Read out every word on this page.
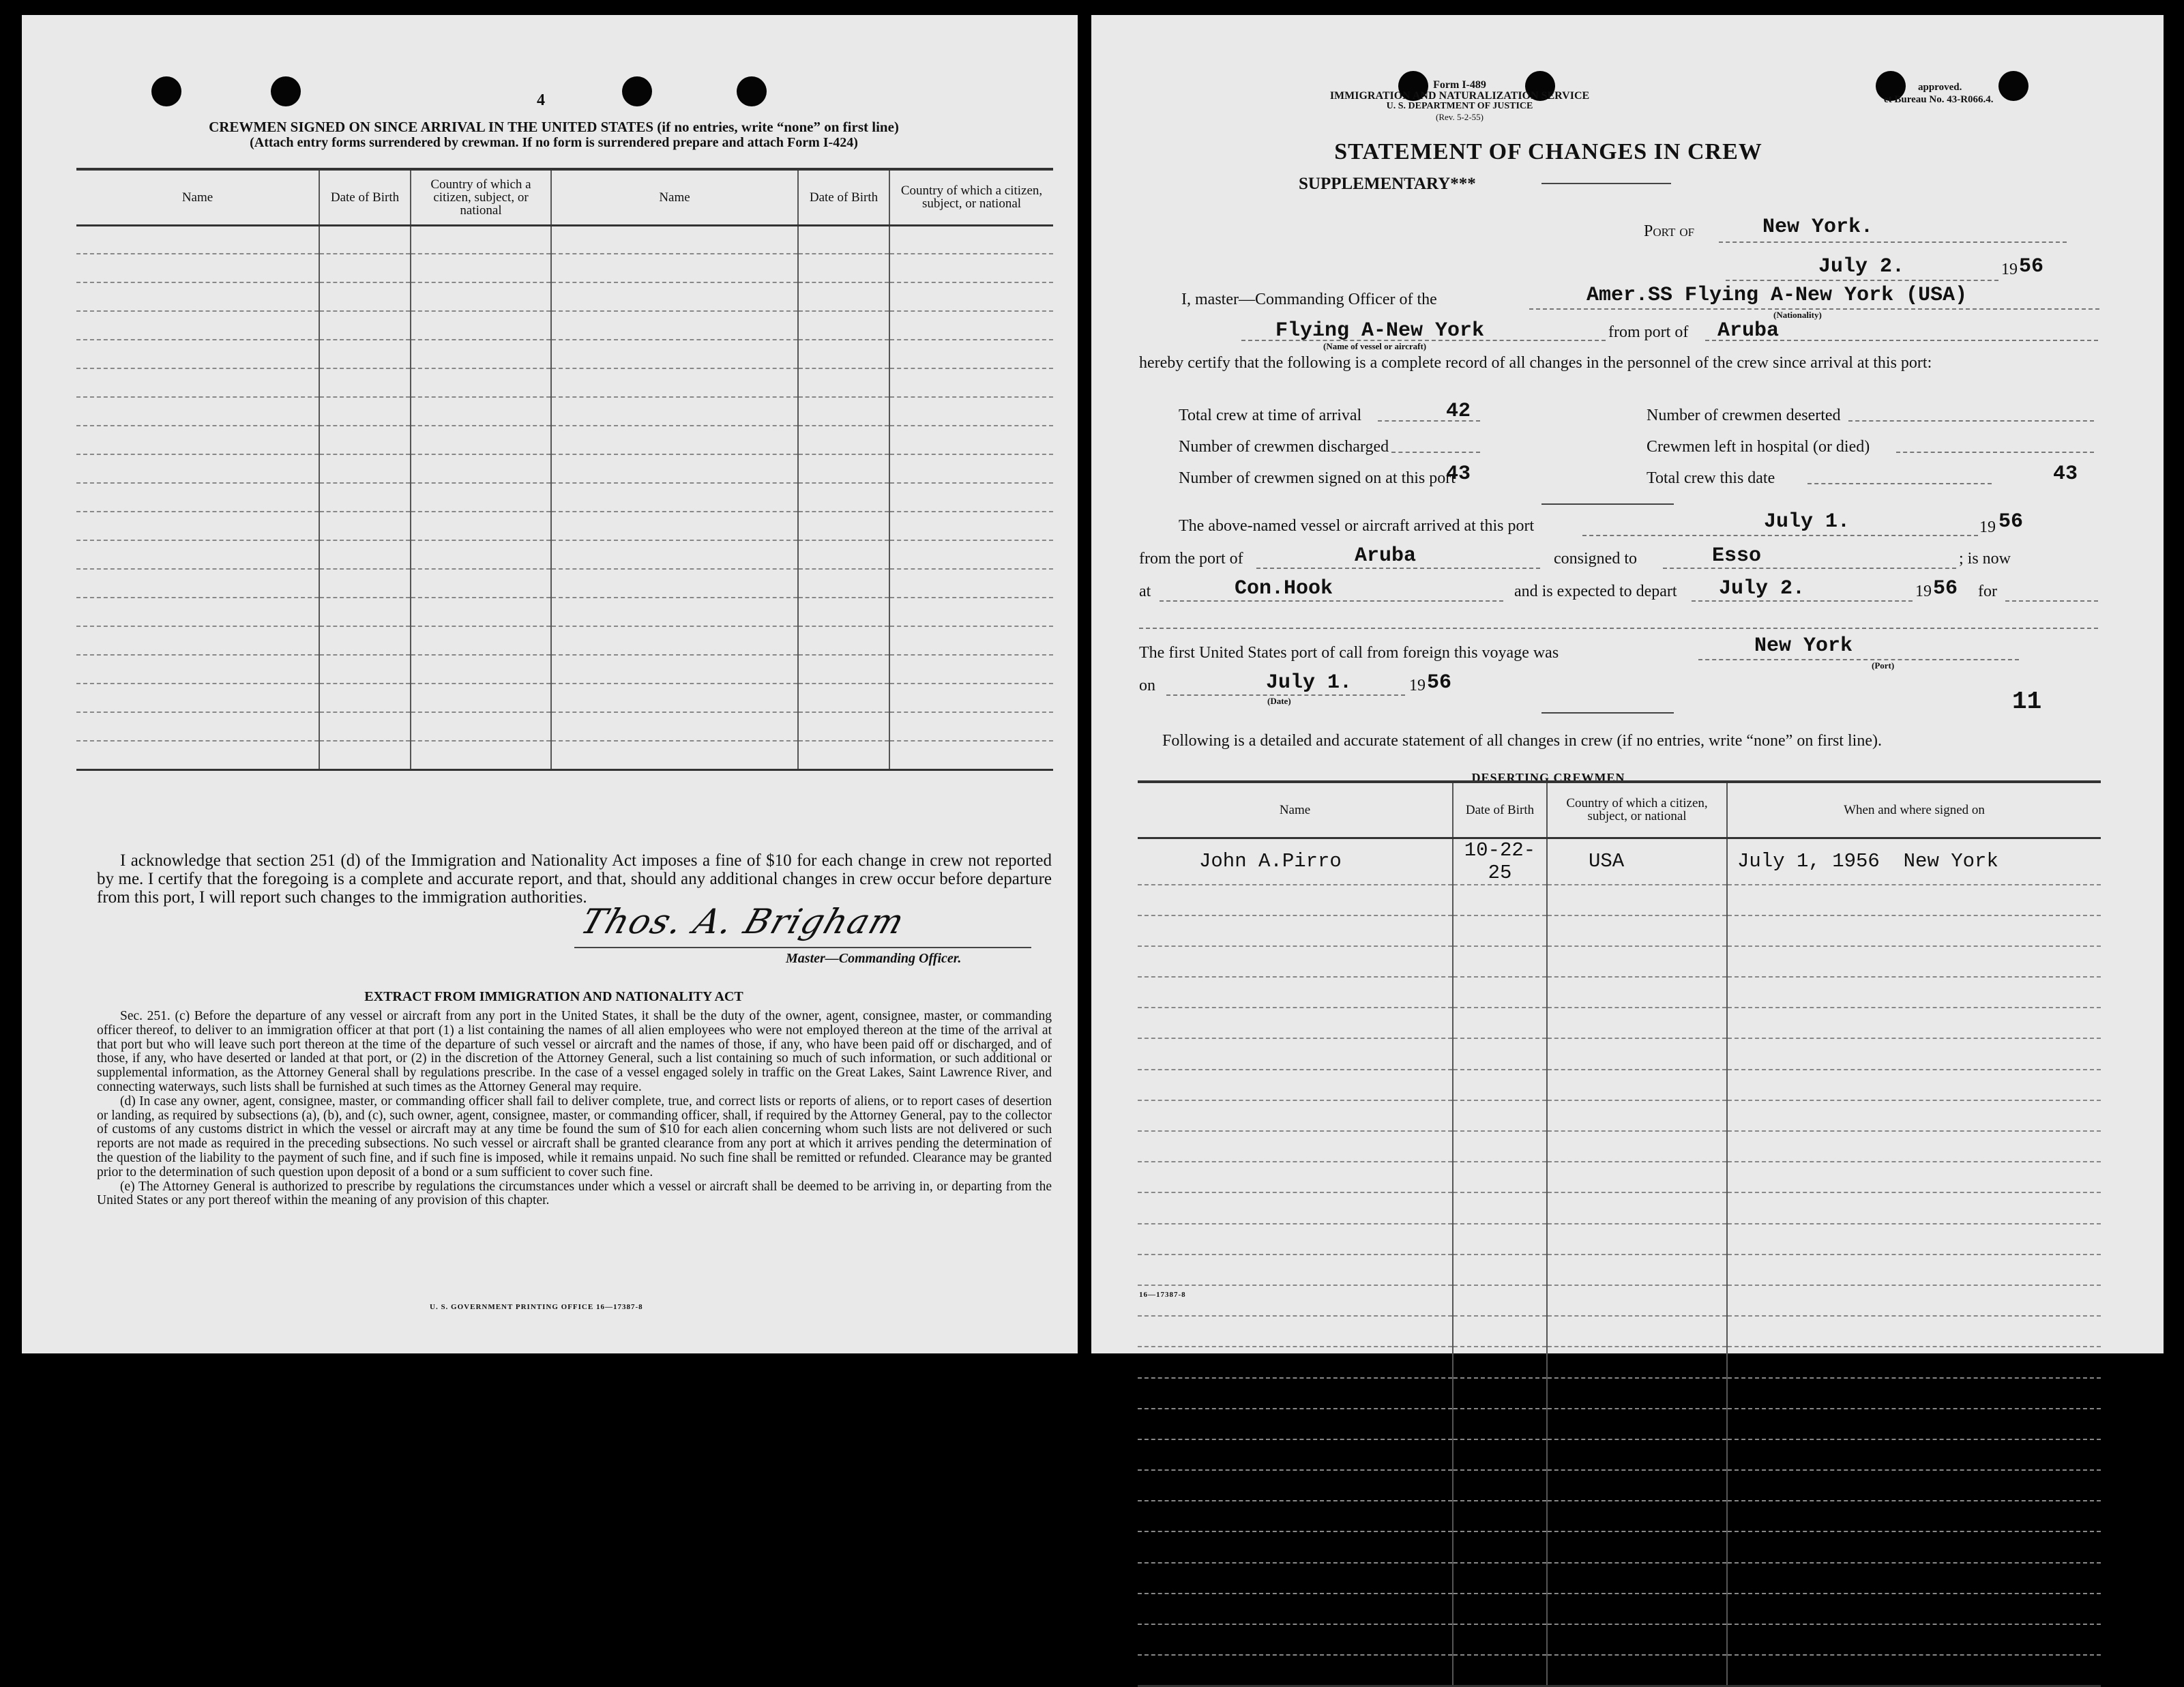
4
CREWMEN SIGNED ON SINCE ARRIVAL IN THE UNITED STATES (if no entries, write “none” on first line)
(Attach entry forms surrendered by crewman. If no form is surrendered prepare and attach Form I-424)
Name	Date of Birth	Country of which a citizen, subject, or national	Name	Date of Birth	Country of which a citizen, subject, or national

I acknowledge that section 251 (d) of the Immigration and Nationality Act imposes a fine of $10 for each change in crew not reported by me. I certify that the foregoing is a complete and accurate report, and that, should any additional changes in crew occur before departure from this port, I will report such changes to the immigration authorities.

Thos. A. Brigham
Master—Commanding Officer.
EXTRACT FROM IMMIGRATION AND NATIONALITY ACT

Sec. 251. (c) Before the departure of any vessel or aircraft from any port in the United States, it shall be the duty of the owner, agent, consignee, master, or commanding officer thereof, to deliver to an immigration officer at that port (1) a list containing the names of all alien employees who were not employed thereon at the time of the arrival at that port but who will leave such port thereon at the time of the departure of such vessel or aircraft and the names of those, if any, who have been paid off or discharged, and of those, if any, who have deserted or landed at that port, or (2) in the discretion of the Attorney General, such a list containing so much of such information, or such additional or supplemental information, as the Attorney General shall by regulations prescribe. In the case of a vessel engaged solely in traffic on the Great Lakes, Saint Lawrence River, and connecting waterways, such lists shall be furnished at such times as the Attorney General may require.

(d) In case any owner, agent, consignee, master, or commanding officer shall fail to deliver complete, true, and correct lists or reports of aliens, or to report cases of desertion or landing, as required by subsections (a), (b), and (c), such owner, agent, consignee, master, or commanding officer, shall, if required by the Attorney General, pay to the collector of customs of any customs district in which the vessel or aircraft may at any time be found the sum of $10 for each alien concerning whom such lists are not delivered or such reports are not made as required in the preceding subsections. No such vessel or aircraft shall be granted clearance from any port at which it arrives pending the determination of the question of the liability to the payment of such fine, and if such fine is imposed, while it remains unpaid. No such fine shall be remitted or refunded. Clearance may be granted prior to the determination of such question upon deposit of a bond or a sum sufficient to cover such fine.

(e) The Attorney General is authorized to prescribe by regulations the circumstances under which a vessel or aircraft shall be deemed to be arriving in, or departing from the United States or any port thereof within the meaning of any provision of this chapter.

U. S. GOVERNMENT PRINTING OFFICE 16—17387-8
Form I-489
IMMIGRATION AND NATURALIZATION SERVICE
U. S. DEPARTMENT OF JUSTICE
(Rev. 5-2-55)
approved.
et Bureau No. 43-R066.4.
STATEMENT OF CHANGES IN CREW
SUPPLEMENTARY***
Port of	New York.
July 2.	19 56
I, master—Commanding Officer of the	Amer.SS Flying A-New York (USA)
(Nationality)
Flying A-New York
(Name of vessel or aircraft)
from port of Aruba

hereby certify that the following is a complete record of all changes in the personnel of the crew since arrival at this port:

Total crew at time of arrival	42
Number of crewmen discharged
Number of crewmen signed on at this port
43
Number of crewmen deserted
Crewmen left in hospital (or died)
Total crew this date	43
The above-named vessel or aircraft arrived at this port	July 1.	19 56
from the port of	Aruba	consigned to	Esso	; is now
at	Con.Hook	and is expected to depart July 2.	19 56 for
The first United States port of call from foreign this voyage was	New York
(Port)
on	July 1.
(Date)
19 56
11

Following is a detailed and accurate statement of all changes in crew (if no entries, write “none” on first line).

DESERTING CREWMEN
Name	Date of Birth	Country of which a citizen, subject, or national	When and where signed on
John A.Pirro	10-22-25	USA	July 1, 1956  New York

16—17387-8
